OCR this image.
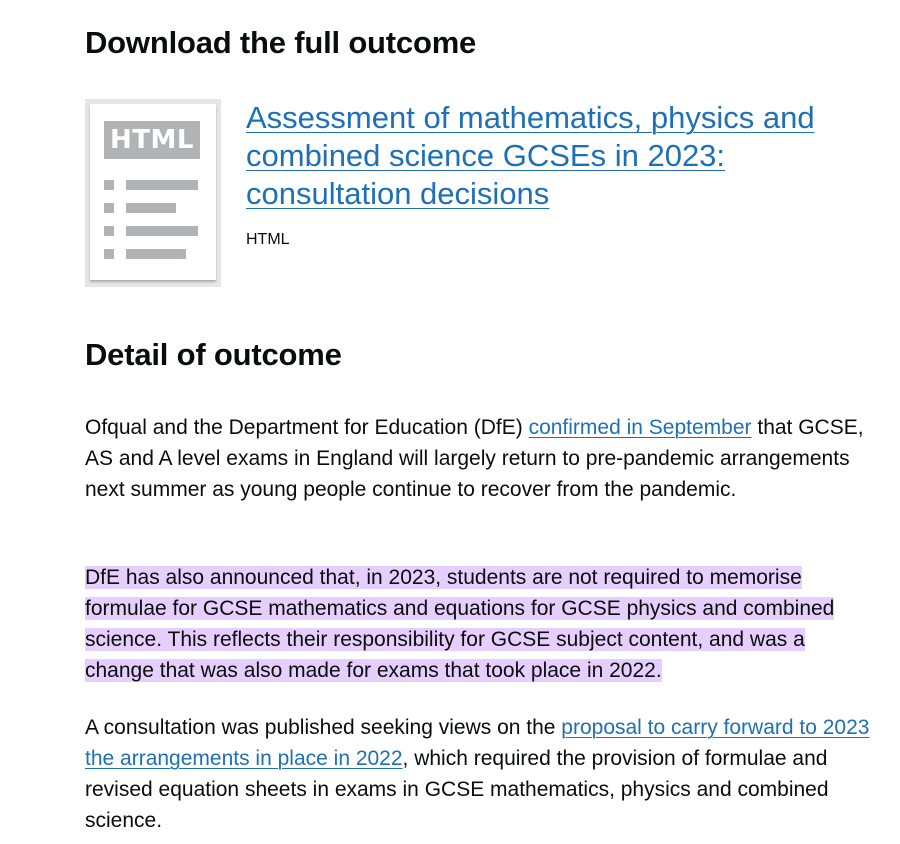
Download the full outcome
HTML
Assessment of mathematics, physics and combined science GCSEs in 2023: consultation decisions
HTML
Detail of outcome

Ofqual and the Department for Education (DfE) confirmed in September that GCSE, AS and A level exams in England will largely return to pre-pandemic arrangements next summer as young people continue to recover from the pandemic.

DfE has also announced that, in 2023, students are not required to memorise formulae for GCSE mathematics and equations for GCSE physics and combined science. This reflects their responsibility for GCSE subject content, and was a change that was also made for exams that took place in 2022.

A consultation was published seeking views on the proposal to carry forward to 2023 the arrangements in place in 2022, which required the provision of formulae and revised equation sheets in exams in GCSE mathematics, physics and combined science.
